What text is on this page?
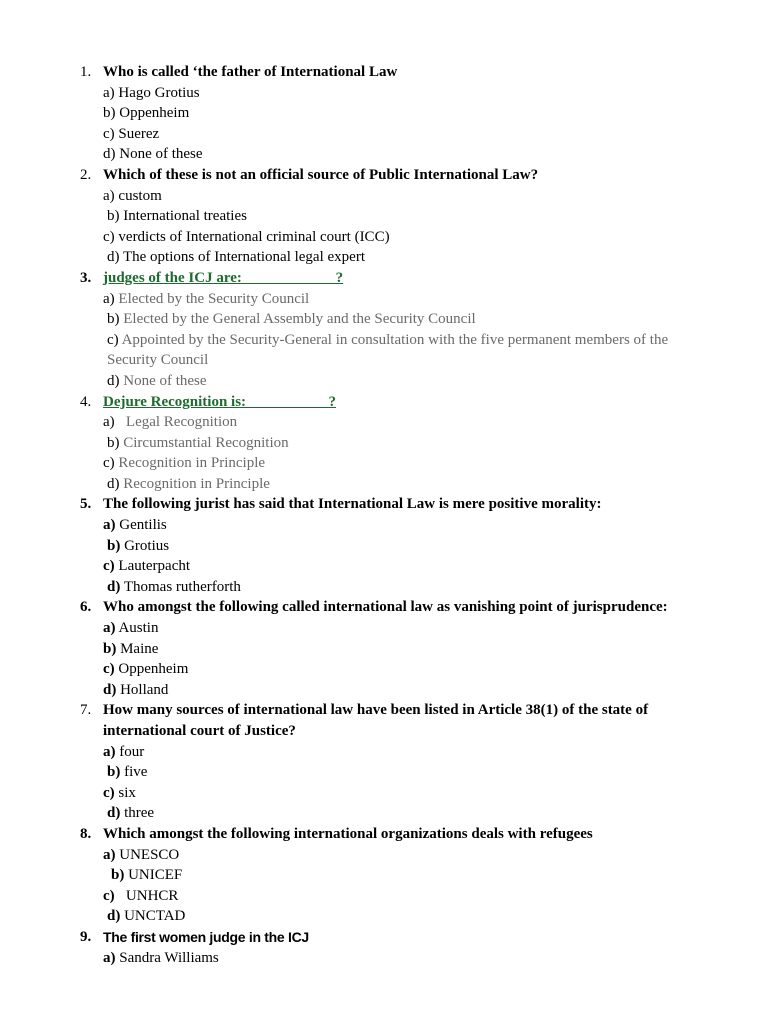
1. Who is called ‘the father of International Law
a) Hago Grotius
b) Oppenheim
c) Suerez
d) None of these
2. Which of these is not an official source of Public International Law?
a) custom
b) International treaties
c) verdicts of International criminal court (ICC)
d) The options of International legal expert
3. judges of the ICJ are:                         ?
a) Elected by the Security Council
b) Elected by the General Assembly and the Security Council
c) Appointed by the Security-General in consultation with the five permanent members of the Security Council
d) None of these
4. Dejure Recognition is:                      ?
a)   Legal Recognition
b) Circumstantial Recognition
c) Recognition in Principle
d) Recognition in Principle
5. The following jurist has said that International Law is mere positive morality:
a) Gentilis
b) Grotius
c) Lauterpacht
d) Thomas rutherforth
6. Who amongst the following called international law as vanishing point of jurisprudence:
a) Austin
b) Maine
c) Oppenheim
d) Holland
7. How many sources of international law have been listed in Article 38(1) of the state of international court of Justice?
a) four
b) five
c) six
d) three
8. Which amongst the following international organizations deals with refugees
a) UNESCO
b) UNICEF
c)   UNHCR
d) UNCTAD
9. The first women judge in the ICJ
a) Sandra Williams
